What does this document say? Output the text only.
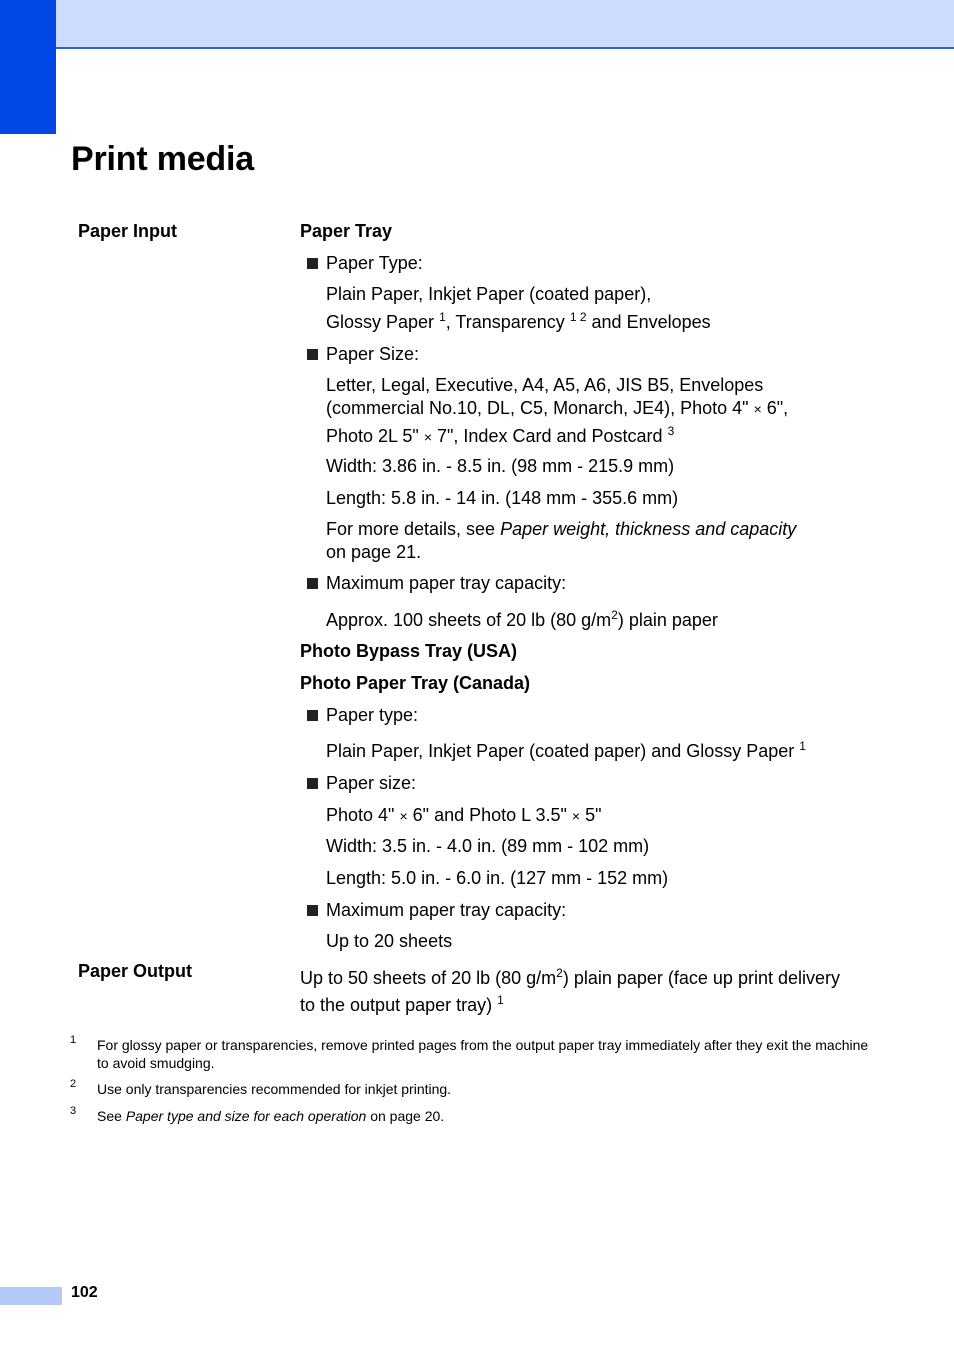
Print media
Paper Input	Paper Tray

Paper Type:

Plain Paper, Inkjet Paper (coated paper),
Glossy Paper $^1$, Transparency $^{1 2}$ and Envelopes

Paper Size:

Letter, Legal, Executive, A4, A5, A6, JIS B5, Envelopes
(commercial No.10, DL, C5, Monarch, JE4), Photo 4" × 6",
Photo 2L 5" × 7", Index Card and Postcard $^3$

Width: 3.86 in. - 8.5 in. (98 mm - 215.9 mm)

Length: 5.8 in. - 14 in. (148 mm - 355.6 mm)

For more details, see Paper weight, thickness and capacity
on page 21.

Maximum paper tray capacity:

Approx. 100 sheets of 20 lb (80 $g/m^2$) plain paper

Photo Bypass Tray (USA)

Photo Paper Tray (Canada)

Paper type:

Plain Paper, Inkjet Paper (coated paper) and Glossy Paper $^1$

Paper size:

Photo 4" × 6" and Photo L 3.5" × 5"

Width: 3.5 in. - 4.0 in. (89 mm - 102 mm)

Length: 5.0 in. - 6.0 in. (127 mm - 152 mm)

Maximum paper tray capacity:

Up to 20 sheets

Up to 50 sheets of 20 lb (80 $g/m^2$) plain paper (face up print delivery
to the output paper tray) $^1$

Paper Output
1 For glossy paper or transparencies, remove printed pages from the output paper tray immediately after they exit the machine to avoid smudging.
2 Use only transparencies recommended for inkjet printing.
3 See Paper type and size for each operation on page 20.
102
